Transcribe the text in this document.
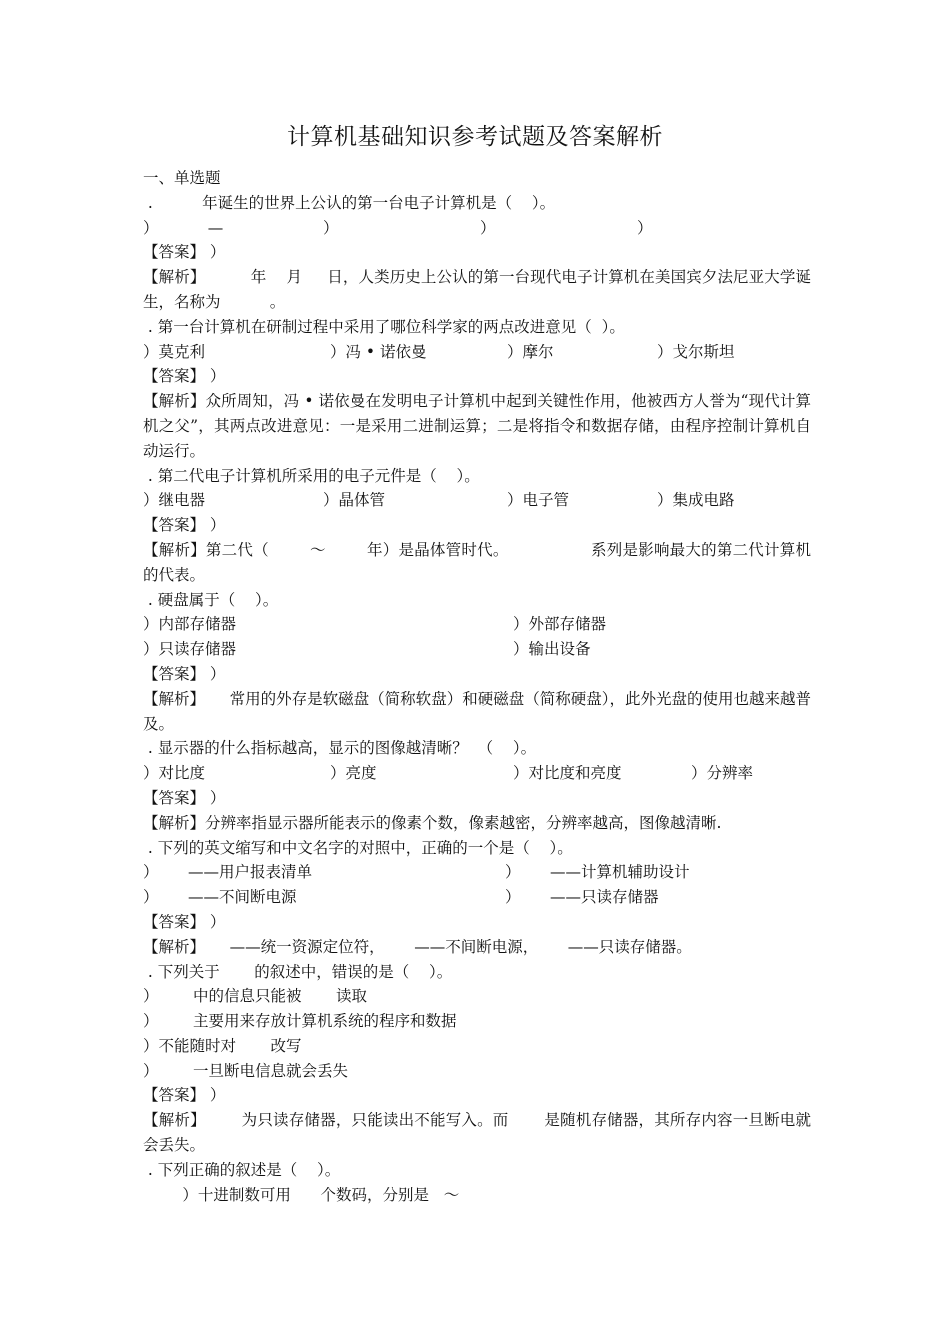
计算机基础知识参考试题及答案解析
一、单选题
.          年诞生的世界上公认的第一台电子计算机是（    ）。
）          —	）	）	）
【答案】 ）
【解析】         年    月     日，人类历史上公认的第一台现代电子计算机在美国宾夕法尼亚大学诞生，名称为          。
. 第一台计算机在研制过程中采用了哪位科学家的两点改进意见（  ）。
）莫克利	）冯 • 诺依曼	）摩尔	）戈尔斯坦
【答案】 ）
【解析】众所周知，冯 • 诺依曼在发明电子计算机中起到关键性作用，他被西方人誉为“现代计算机之父”，其两点改进意见：一是采用二进制运算；二是将指令和数据存储，由程序控制计算机自动运行。
. 第二代电子计算机所采用的电子元件是（    ）。
）继电器	）晶体管	）电子管	）集成电路
【答案】 ）
【解析】第二代（        ～        年）是晶体管时代。                系列是影响最大的第二代计算机的代表。
. 硬盘属于（    ）。
）内部存储器	）外部存储器
）只读存储器	）输出设备
【答案】 ）
【解析】     常用的外存是软磁盘（简称软盘）和硬磁盘（简称硬盘），此外光盘的使用也越来越普及。
. 显示器的什么指标越高，显示的图像越清晰？  （    ）。
）对比度	）亮度	）对比度和亮度	）分辨率
【答案】 ）
【解析】分辨率指显示器所能表示的像素个数，像素越密，分辨率越高，图像越清晰.
. 下列的英文缩写和中文名字的对照中，正确的一个是（    ）。
）      ——用户报表清单	）      ——计算机辅助设计
）      ——不间断电源	）      ——只读存储器
【答案】 ）
【解析】     ——统一资源定位符，      ——不间断电源，      ——只读存储器。
. 下列关于       的叙述中，错误的是（    ）。
）       中的信息只能被       读取
）       主要用来存放计算机系统的程序和数据
）不能随时对       改写
）       一旦断电信息就会丢失
【答案】 ）
【解析】       为只读存储器，只能读出不能写入。而       是随机存储器，其所存内容一旦断电就会丢失。
. 下列正确的叙述是（    ）。
）十进制数可用      个数码，分别是   ～
